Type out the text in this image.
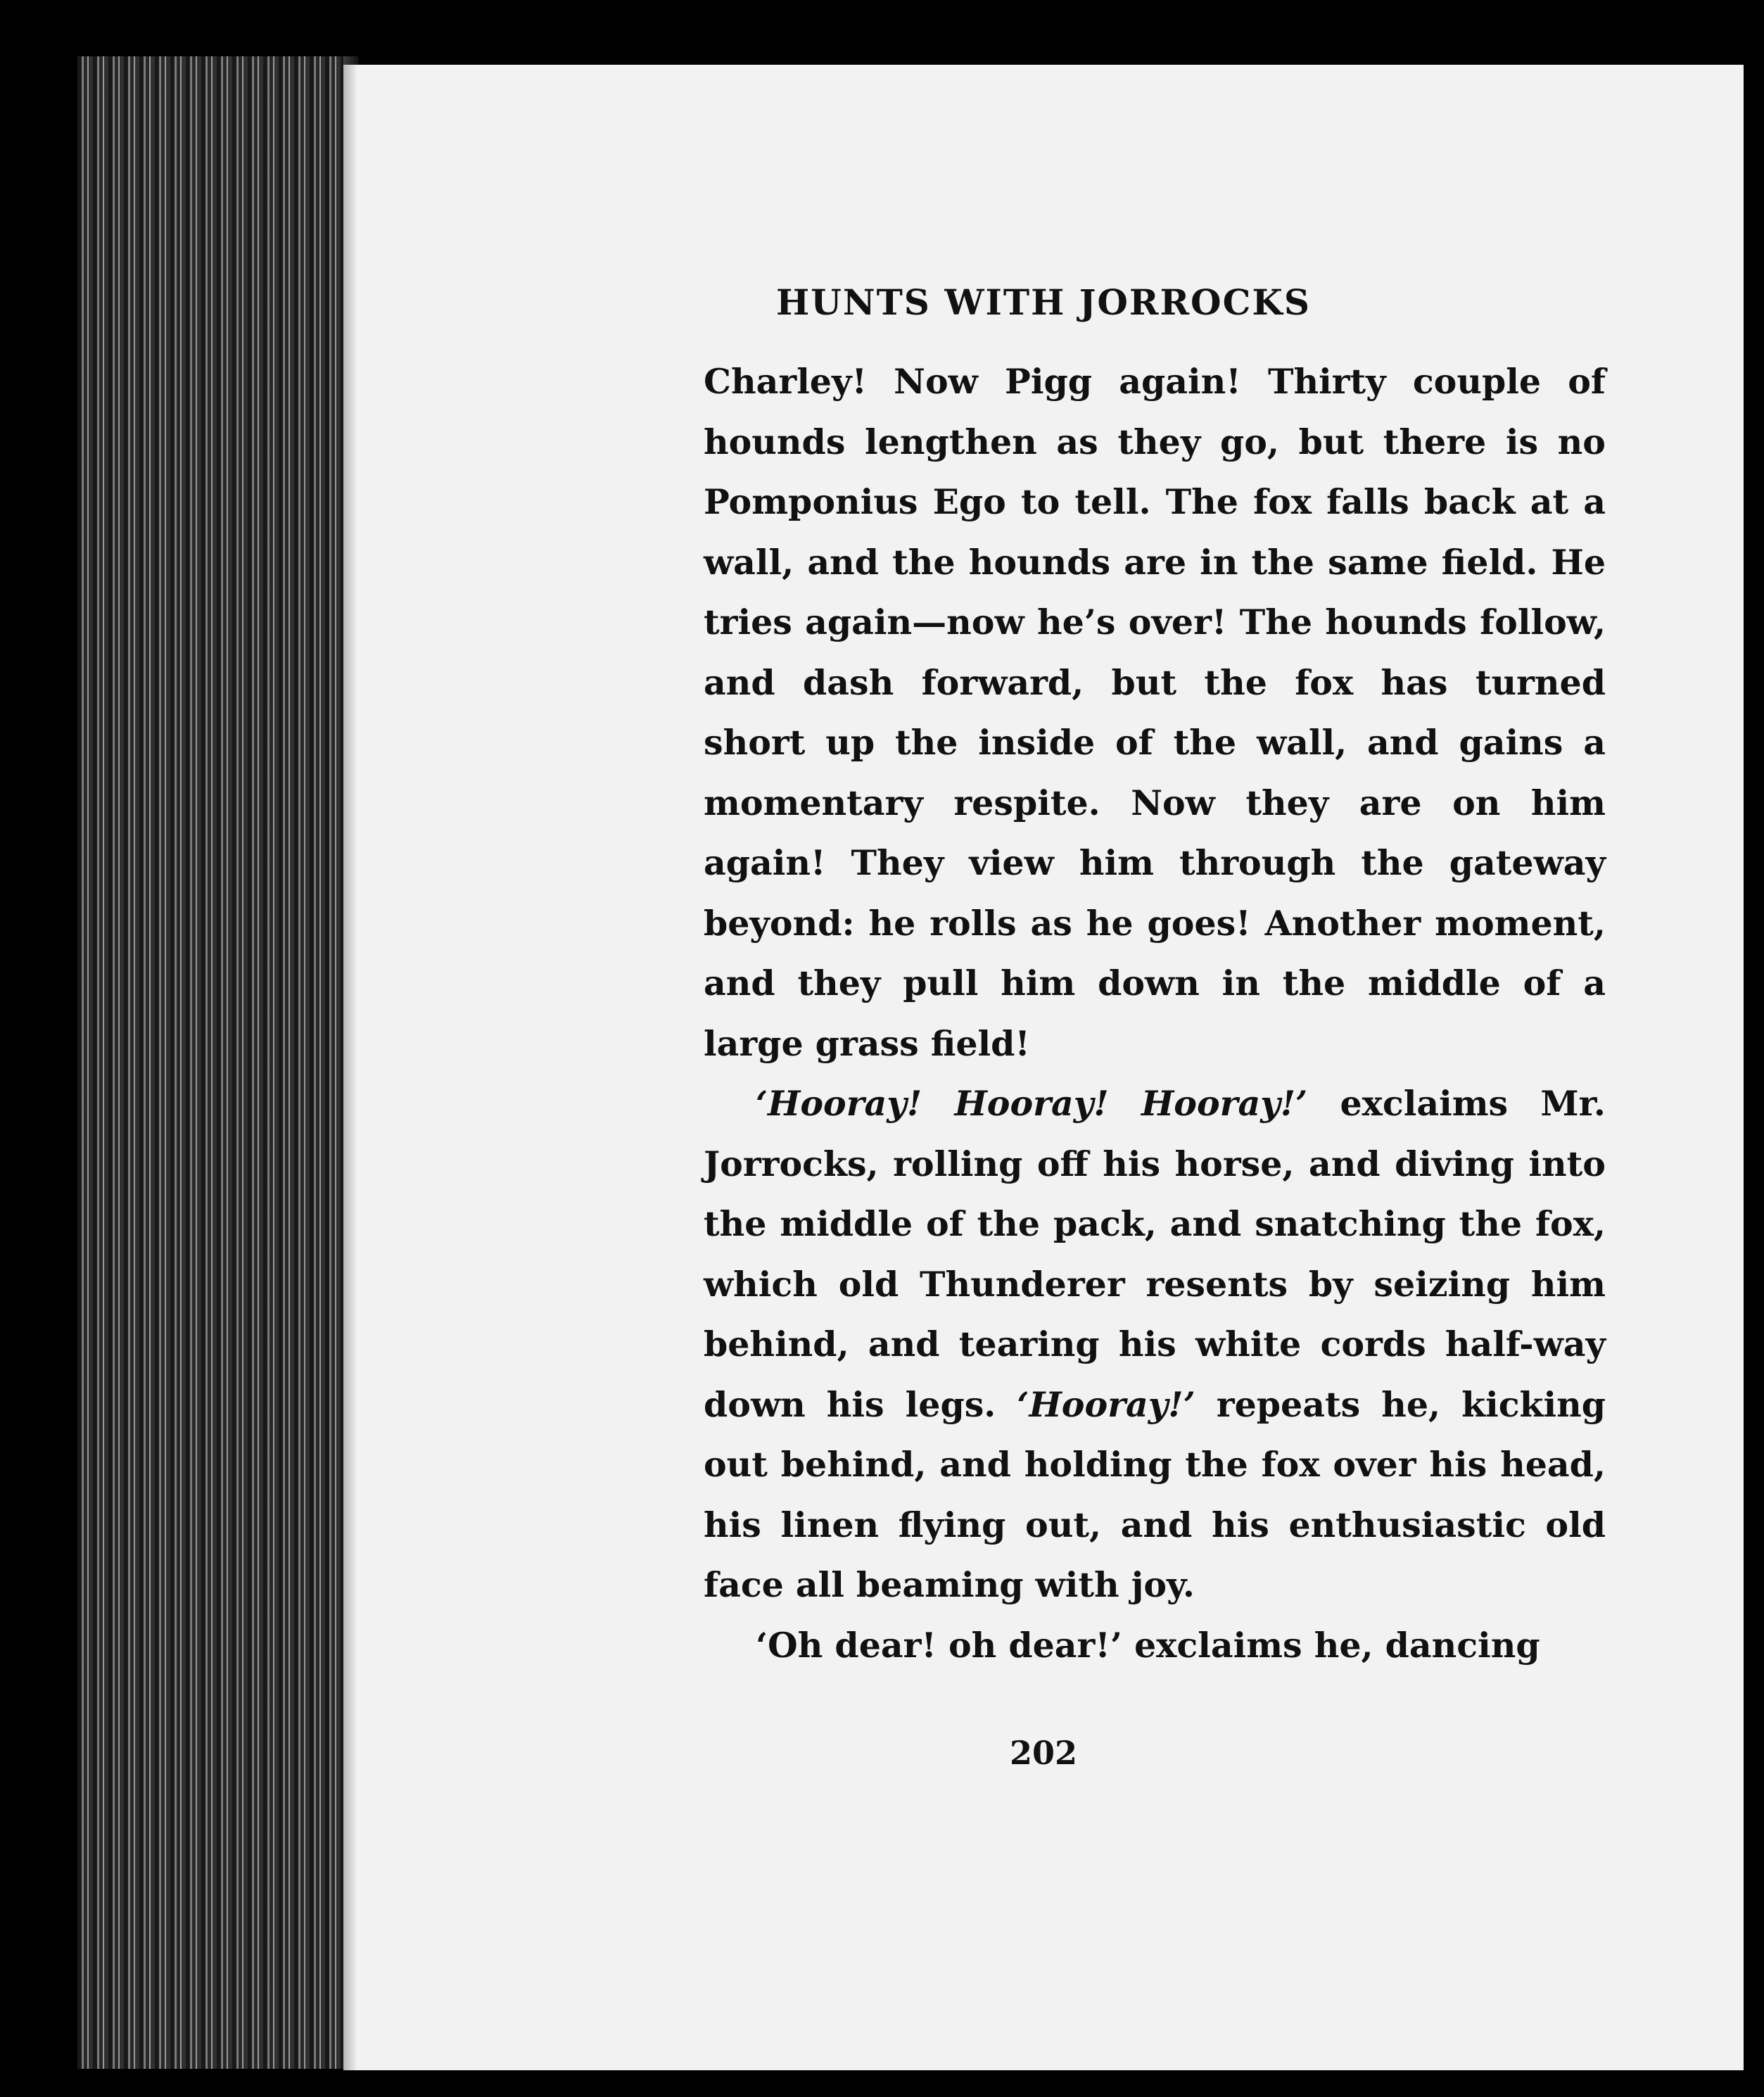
HUNTS WITH JORROCKS

Charley! Now Pigg again! Thirty couple of hounds lengthen as they go, but there is no Pomponius Ego to tell. The fox falls back at a wall, and the hounds are in the same field. He tries again—now he’s over! The hounds follow, and dash forward, but the fox has turned short up the inside of the wall, and gains a momentary respite. Now they are on him again! They view him through the gateway beyond: he rolls as he goes! Another moment, and they pull him down in the middle of a large grass field!

‘Hooray! Hooray! Hooray!’ exclaims Mr. Jorrocks, rolling off his horse, and diving into the middle of the pack, and snatching the fox, which old Thunderer resents by seizing him behind, and tearing his white cords half-way down his legs. ‘Hooray!’ repeats he, kicking out behind, and holding the fox over his head, his linen flying out, and his enthusiastic old face all beaming with joy.

‘Oh dear! oh dear!’ exclaims he, dancing

202
